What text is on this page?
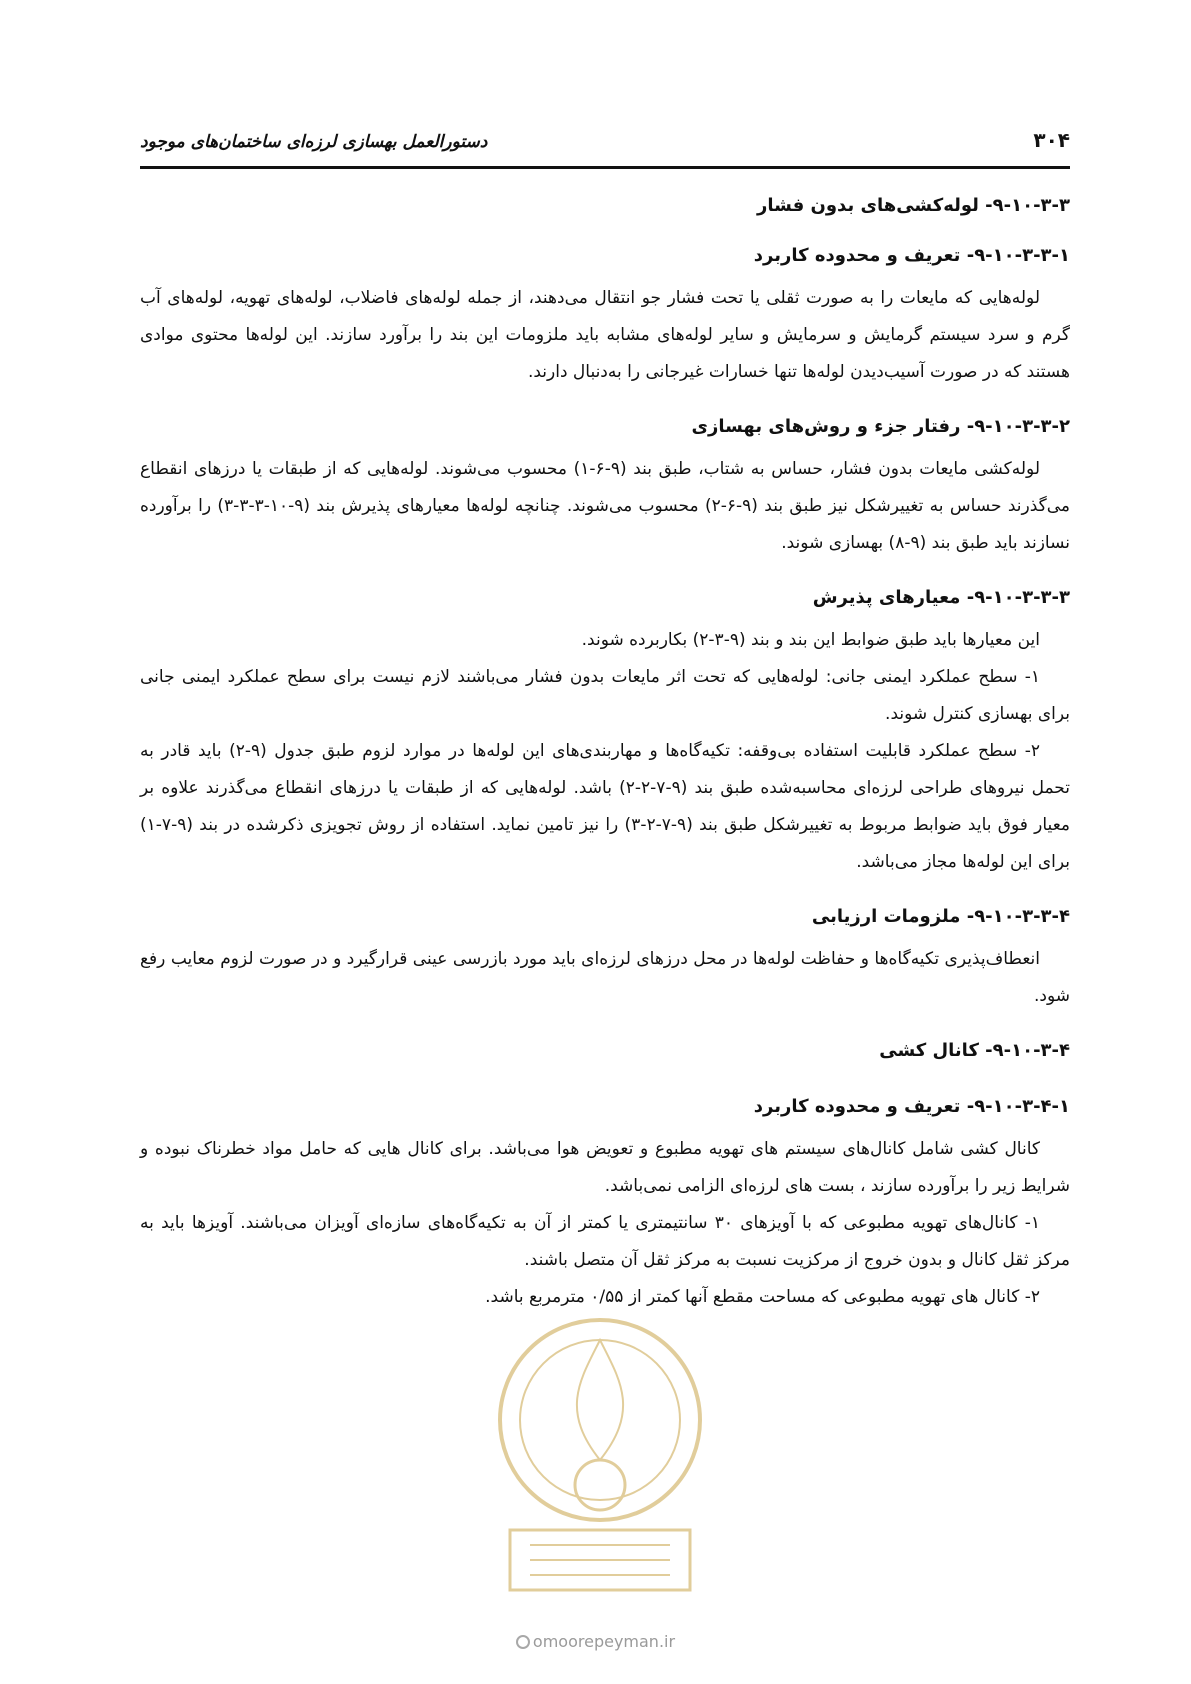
۳۰۴
دستورالعمل بهسازی لرزه‌ای ساختمان‌های موجود
۹-۱۰-۳-۳- لوله‌کشی‌های بدون فشار
۹-۱۰-۳-۳-۱- تعریف و محدوده کاربرد

لوله‌هایی که مایعات را به صورت ثقلی یا تحت فشار جو انتقال می‌دهند، از جمله لوله‌های فاضلاب، لوله‌های تهویه، لوله‌های آب گرم و سرد سیستم گرمایش و سرمایش و سایر لوله‌های مشابه باید ملزومات این بند را برآورد سازند. این لوله‌ها محتوی موادی هستند که در صورت آسیب‌دیدن لوله‌ها تنها خسارات غیرجانی را به‌دنبال دارند.

۹-۱۰-۳-۳-۲- رفتار جزء و روش‌های بهسازی

لوله‌کشی مایعات بدون فشار، حساس به شتاب، طبق بند (۹-۶-۱) محسوب می‌شوند. لوله‌هایی که از طبقات یا درزهای انقطاع می‌گذرند حساس به تغییرشکل نیز طبق بند (۹-۶-۲) محسوب می‌شوند. چنانچه لوله‌ها معیارهای پذیرش بند (۹-۱۰-۳-۳-۳) را برآورده نسازند باید طبق بند (۹-۸) بهسازی شوند.

۹-۱۰-۳-۳-۳- معیارهای پذیرش

این معیارها باید طبق ضوابط این بند و بند (۹-۳-۲) بکاربرده شوند.

۱- سطح عملکرد ایمنی جانی: لوله‌هایی که تحت اثر مایعات بدون فشار می‌باشند لازم نیست برای سطح عملکرد ایمنی جانی برای بهسازی کنترل شوند.

۲- سطح عملکرد قابلیت استفاده بی‌وقفه: تکیه‌گاه‌ها و مهاربندی‌های این لوله‌ها در موارد لزوم طبق جدول (۹-۲) باید قادر به تحمل نیروهای طراحی لرزه‌ای محاسبه‌شده طبق بند (۹-۷-۲-۲) باشد. لوله‌هایی که از طبقات یا درزهای انقطاع می‌گذرند علاوه بر معیار فوق باید ضوابط مربوط به تغییرشکل طبق بند (۹-۷-۲-۳) را نیز تامین نماید. استفاده از روش تجویزی ذکرشده در بند (۹-۷-۱) برای این لوله‌ها مجاز می‌باشد.

۹-۱۰-۳-۳-۴- ملزومات ارزیابی

انعطاف‌پذیری تکیه‌گاه‌ها و حفاظت لوله‌ها در محل درزهای لرزه‌ای باید مورد بازرسی عینی قرارگیرد و در صورت لزوم معایب رفع شود.

۹-۱۰-۳-۴- کانال کشی
۹-۱۰-۳-۴-۱- تعریف و محدوده کاربرد

کانال کشی شامل کانال‌های سیستم های تهویه مطبوع و تعویض هوا می‌باشد. برای کانال هایی که حامل مواد خطرناک نبوده و شرایط زیر را برآورده سازند ، بست های لرزه‌ای الزامی نمی‌باشد.

۱- کانال‌های تهویه مطبوعی که با آویزهای ۳۰ سانتیمتری یا کمتر از آن به تکیه‌گاه‌های سازه‌ای آویزان می‌باشند. آویزها باید به مرکز ثقل کانال و بدون خروج از مرکزیت نسبت به مرکز ثقل آن متصل باشند.

۲- کانال های تهویه مطبوعی که مساحت مقطع آنها کمتر از ۰/۵۵ مترمربع باشد.

omoorepeyman.ir
